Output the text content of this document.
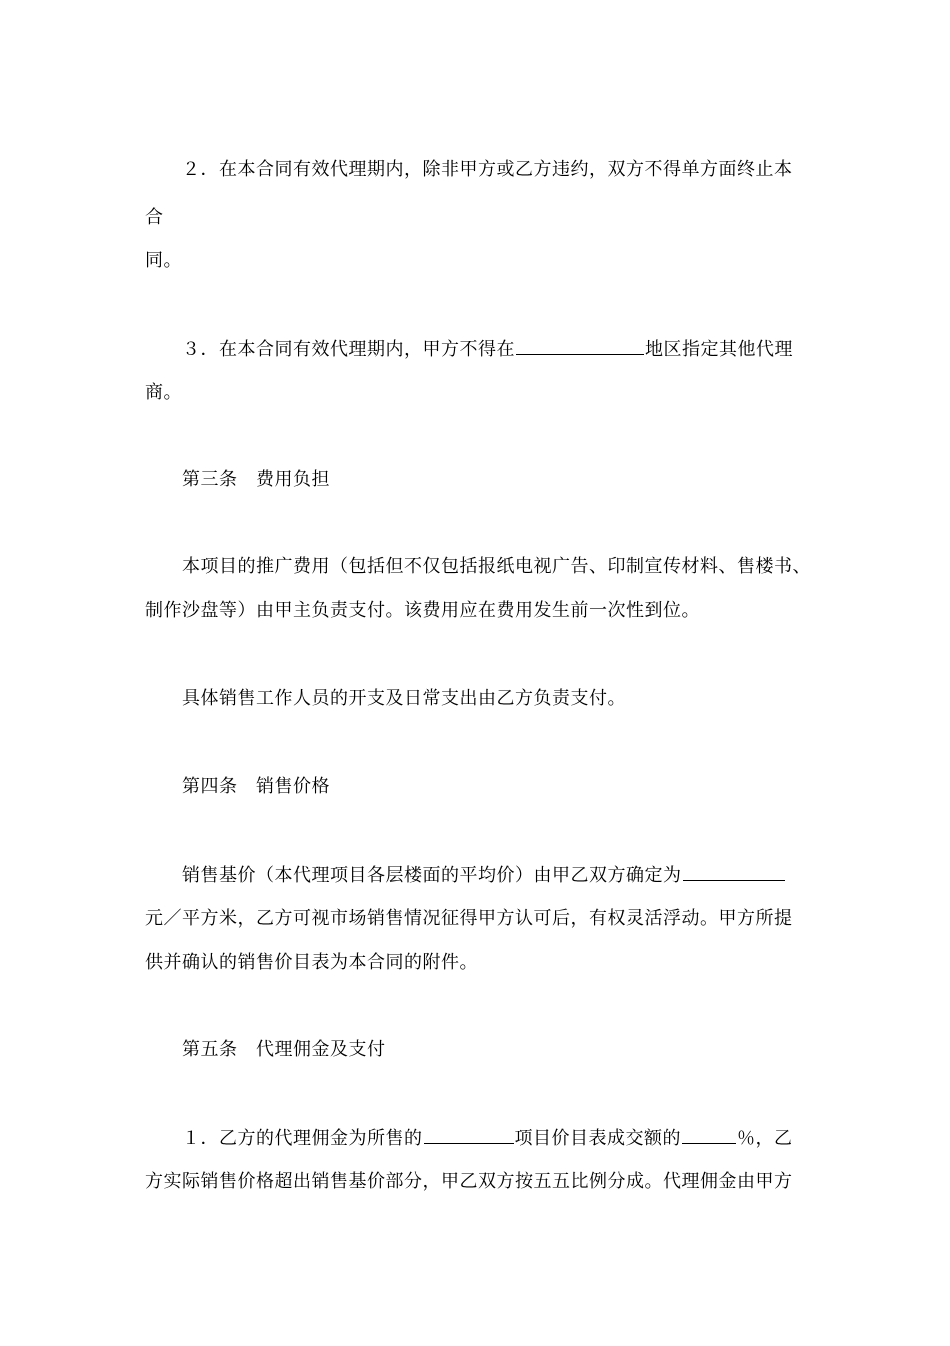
２．在本合同有效代理期内，除非甲方或乙方违约，双方不得单方面终止本
合
同。
３．在本合同有效代理期内，甲方不得在	地区指定其他代理
商。
第三条　费用负担
本项目的推广费用（包括但不仅包括报纸电视广告、印制宣传材料、售楼书、
制作沙盘等）由甲主负责支付。该费用应在费用发生前一次性到位。
具体销售工作人员的开支及日常支出由乙方负责支付。
第四条　销售价格
销售基价（本代理项目各层楼面的平均价）由甲乙双方确定为
元／平方米，乙方可视市场销售情况征得甲方认可后，有权灵活浮动。甲方所提
供并确认的销售价目表为本合同的附件。
第五条　代理佣金及支付
１．乙方的代理佣金为所售的	项目价目表成交额的	％，乙
方实际销售价格超出销售基价部分，甲乙双方按五五比例分成。代理佣金由甲方
